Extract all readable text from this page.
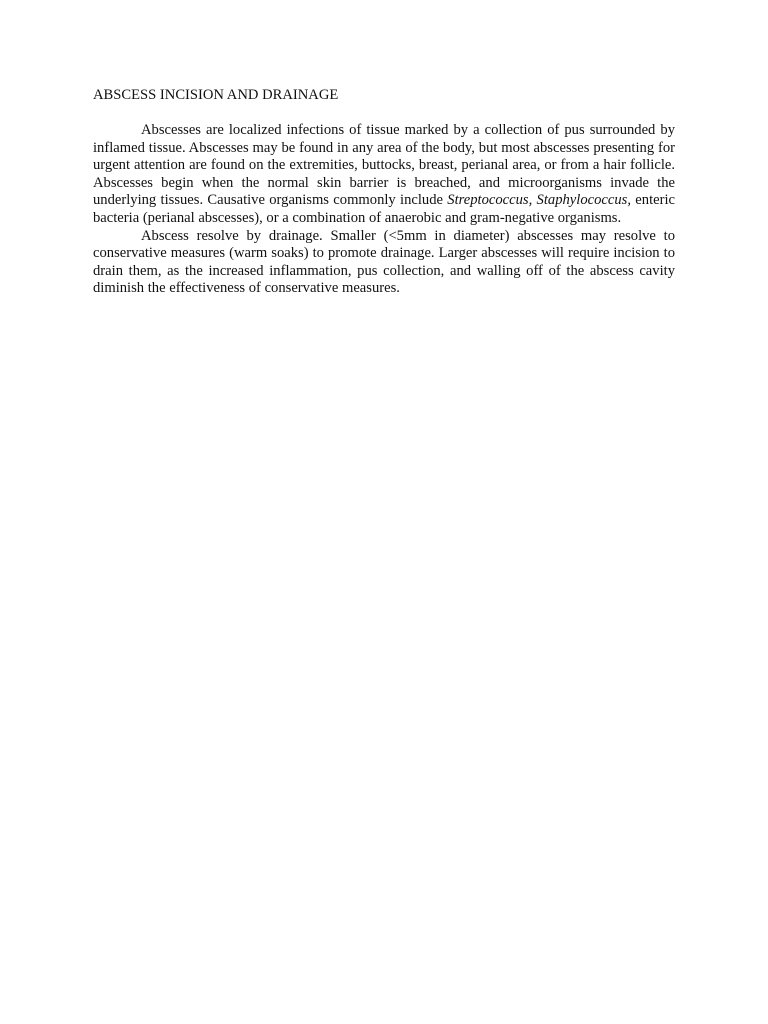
ABSCESS INCISION AND DRAINAGE

Abscesses are localized infections of tissue marked by a collection of pus surrounded by inflamed tissue. Abscesses may be found in any area of the body, but most abscesses presenting for urgent attention are found on the extremities, buttocks, breast, perianal area, or from a hair follicle. Abscesses begin when the normal skin barrier is breached, and microorganisms invade the underlying tissues. Causative organisms commonly include Streptococcus, Staphylococcus, enteric bacteria (perianal abscesses), or a combination of anaerobic and gram-negative organisms.

Abscess resolve by drainage. Smaller (<5mm in diameter) abscesses may resolve to conservative measures (warm soaks) to promote drainage. Larger abscesses will require incision to drain them, as the increased inflammation, pus collection, and walling off of the abscess cavity diminish the effectiveness of conservative measures.
